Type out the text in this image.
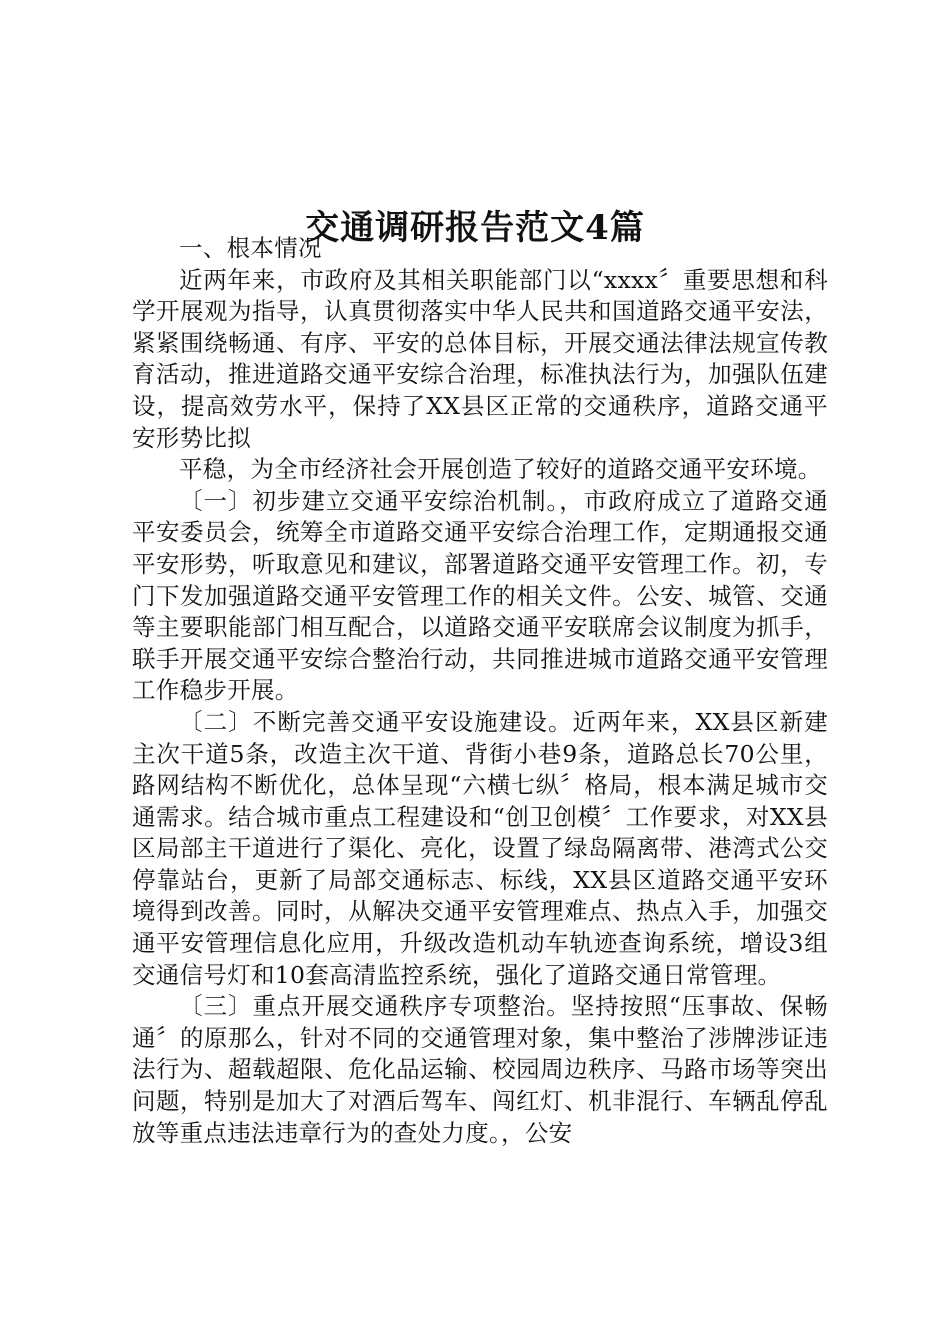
交通调研报告范文4篇

一、根本情况

近两年来，市政府及其相关职能部门以“xxxx〞重要思想和科学开展观为指导，认真贯彻落实中华人民共和国道路交通平安法，紧紧围绕畅通、有序、平安的总体目标，开展交通法律法规宣传教育活动，推进道路交通平安综合治理，标准执法行为，加强队伍建设，提高效劳水平，保持了XX县区正常的交通秩序，道路交通平安形势比拟

平稳，为全市经济社会开展创造了较好的道路交通平安环境。

〔一〕初步建立交通平安综治机制。，市政府成立了道路交通平安委员会，统筹全市道路交通平安综合治理工作，定期通报交通平安形势，听取意见和建议，部署道路交通平安管理工作。初，专门下发加强道路交通平安管理工作的相关文件。公安、城管、交通等主要职能部门相互配合，以道路交通平安联席会议制度为抓手，联手开展交通平安综合整治行动，共同推进城市道路交通平安管理工作稳步开展。

〔二〕不断完善交通平安设施建设。近两年来，XX县区新建主次干道5条，改造主次干道、背街小巷9条，道路总长70公里，路网结构不断优化，总体呈现“六横七纵〞格局，根本满足城市交通需求。结合城市重点工程建设和“创卫创模〞工作要求，对XX县区局部主干道进行了渠化、亮化，设置了绿岛隔离带、港湾式公交停靠站台，更新了局部交通标志、标线，XX县区道路交通平安环境得到改善。同时，从解决交通平安管理难点、热点入手，加强交通平安管理信息化应用，升级改造机动车轨迹查询系统，增设3组交通信号灯和10套高清监控系统，强化了道路交通日常管理。

〔三〕重点开展交通秩序专项整治。坚持按照“压事故、保畅通〞的原那么，针对不同的交通管理对象，集中整治了涉牌涉证违法行为、超载超限、危化品运输、校园周边秩序、马路市场等突出问题，特别是加大了对酒后驾车、闯红灯、机非混行、车辆乱停乱放等重点违法违章行为的查处力度。，公安
